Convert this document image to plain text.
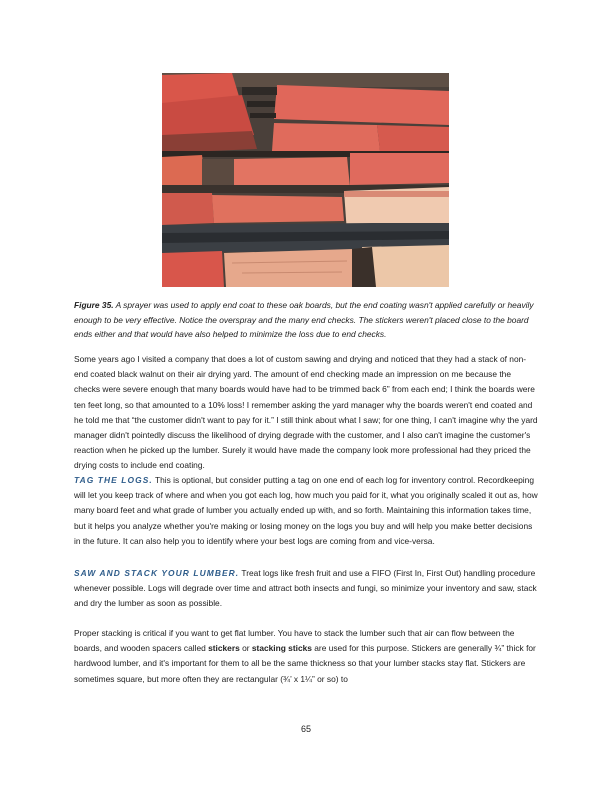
Figure 35. A sprayer was used to apply end coat to these oak boards, but the end coating wasn't applied carefully or heavily enough to be very effective. Notice the overspray and the many end checks. The stickers weren't placed close to the board ends either and that would have also helped to minimize the loss due to end checks.
Some years ago I visited a company that does a lot of custom sawing and drying and noticed that they had a stack of non-end coated black walnut on their air drying yard. The amount of end checking made an impression on me because the checks were severe enough that many boards would have had to be trimmed back 6” from each end; I think the boards were ten feet long, so that amounted to a 10% loss! I remember asking the yard manager why the boards weren't end coated and he told me that “the customer didn't want to pay for it.” I still think about what I saw; for one thing, I can't imagine why the yard manager didn't pointedly discuss the likelihood of drying degrade with the customer, and I also can't imagine the customer's reaction when he picked up the lumber. Surely it would have made the company look more professional had they priced the drying costs to include end coating.
TAG THE LOGS. This is optional, but consider putting a tag on one end of each log for inventory control. Recordkeeping will let you keep track of where and when you got each log, how much you paid for it, what you originally scaled it out as, how many board feet and what grade of lumber you actually ended up with, and so forth. Maintaining this information takes time, but it helps you analyze whether you're making or losing money on the logs you buy and will help you make better decisions in the future. It can also help you to identify where your best logs are coming from and vice-versa.
SAW AND STACK YOUR LUMBER. Treat logs like fresh fruit and use a FIFO (First In, First Out) handling procedure whenever possible. Logs will degrade over time and attract both insects and fungi, so minimize your inventory and saw, stack and dry the lumber as soon as possible.
Proper stacking is critical if you want to get flat lumber. You have to stack the lumber such that air can flow between the boards, and wooden spacers called stickers or stacking sticks are used for this purpose. Stickers are generally ¾” thick for hardwood lumber, and it's important for them to all be the same thickness so that your lumber stacks stay flat. Stickers are sometimes square, but more often they are rectangular (¾’ x 1¼” or so) to
65
